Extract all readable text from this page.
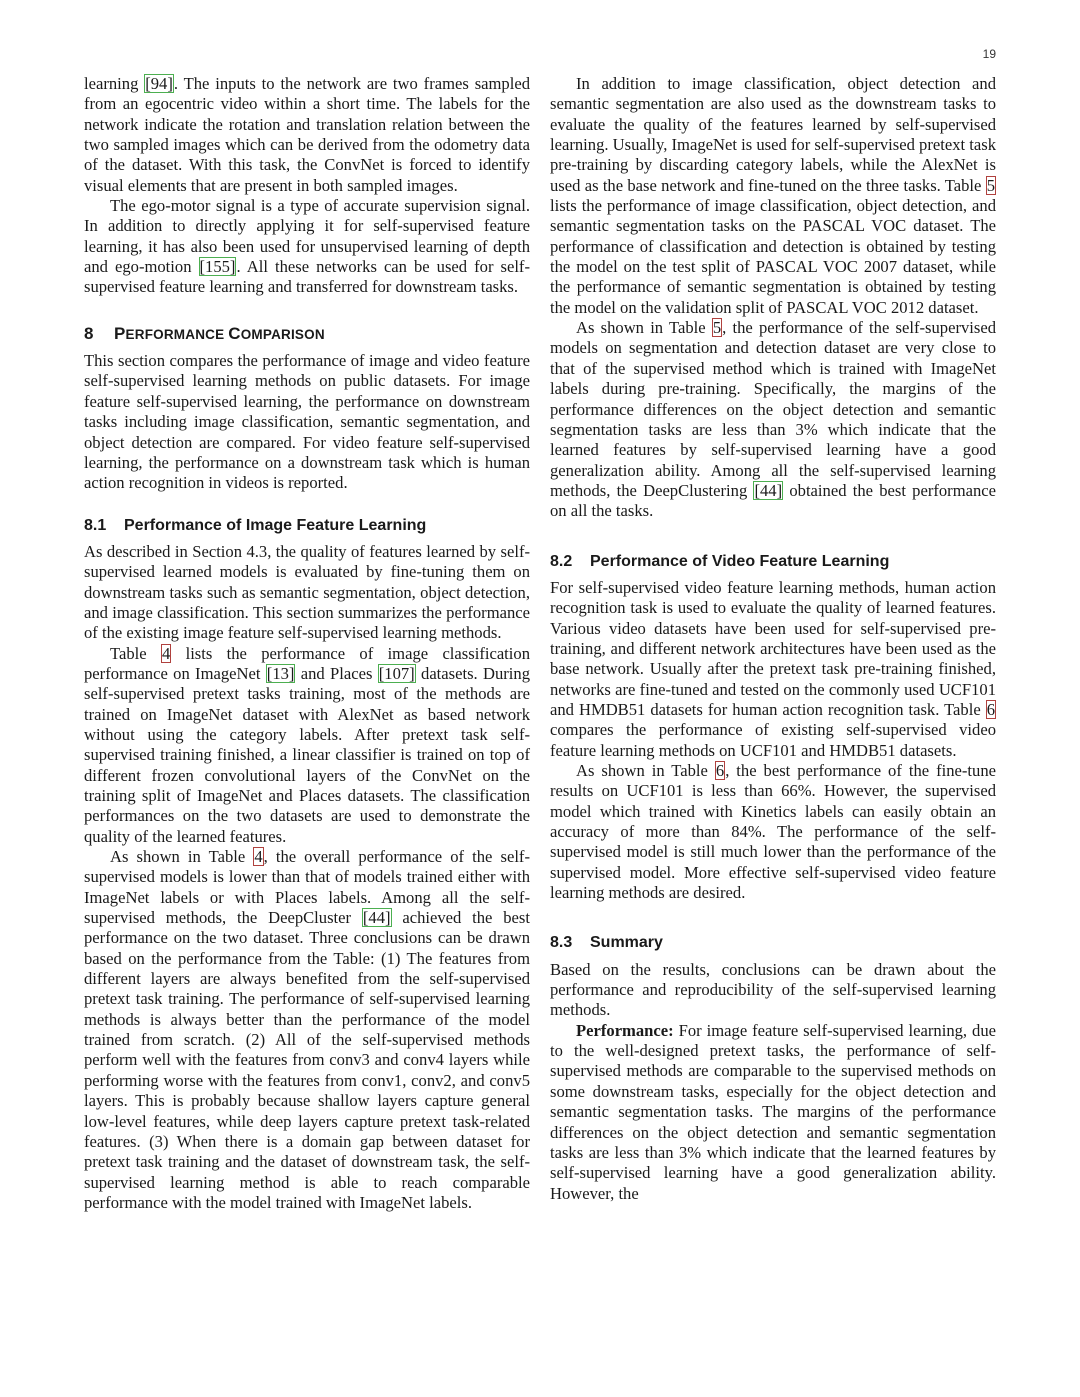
19

learning [94]. The inputs to the network are two frames sampled from an egocentric video within a short time. The labels for the network indicate the rotation and translation relation between the two sampled images which can be derived from the odometry data of the dataset. With this task, the ConvNet is forced to identify visual elements that are present in both sampled images.

The ego-motor signal is a type of accurate supervision signal. In addition to directly applying it for self-supervised feature learning, it has also been used for unsupervised learning of depth and ego-motion [155]. All these networks can be used for self-supervised feature learning and transferred for downstream tasks.

8 PERFORMANCE COMPARISON

This section compares the performance of image and video feature self-supervised learning methods on public datasets. For image feature self-supervised learning, the performance on downstream tasks including image classification, semantic segmentation, and object detection are compared. For video feature self-supervised learning, the performance on a downstream task which is human action recognition in videos is reported.

8.1 Performance of Image Feature Learning

As described in Section 4.3, the quality of features learned by self-supervised learned models is evaluated by fine-tuning them on downstream tasks such as semantic segmentation, object detection, and image classification. This section summarizes the performance of the existing image feature self-supervised learning methods.

Table 4 lists the performance of image classification performance on ImageNet [13] and Places [107] datasets. During self-supervised pretext tasks training, most of the methods are trained on ImageNet dataset with AlexNet as based network without using the category labels. After pretext task self-supervised training finished, a linear classifier is trained on top of different frozen convolutional layers of the ConvNet on the training split of ImageNet and Places datasets. The classification performances on the two datasets are used to demonstrate the quality of the learned features.

As shown in Table 4, the overall performance of the self-supervised models is lower than that of models trained either with ImageNet labels or with Places labels. Among all the self-supervised methods, the DeepCluster [44] achieved the best performance on the two dataset. Three conclusions can be drawn based on the performance from the Table: (1) The features from different layers are always benefited from the self-supervised pretext task training. The performance of self-supervised learning methods is always better than the performance of the model trained from scratch. (2) All of the self-supervised methods perform well with the features from conv3 and conv4 layers while performing worse with the features from conv1, conv2, and conv5 layers. This is probably because shallow layers capture general low-level features, while deep layers capture pretext task-related features. (3) When there is a domain gap between dataset for pretext task training and the dataset of downstream task, the self-supervised learning method is able to reach comparable performance with the model trained with ImageNet labels.

In addition to image classification, object detection and semantic segmentation are also used as the downstream tasks to evaluate the quality of the features learned by self-supervised learning. Usually, ImageNet is used for self-supervised pretext task pre-training by discarding category labels, while the AlexNet is used as the base network and fine-tuned on the three tasks. Table 5 lists the performance of image classification, object detection, and semantic segmentation tasks on the PASCAL VOC dataset. The performance of classification and detection is obtained by testing the model on the test split of PASCAL VOC 2007 dataset, while the performance of semantic segmentation is obtained by testing the model on the validation split of PASCAL VOC 2012 dataset.

As shown in Table 5, the performance of the self-supervised models on segmentation and detection dataset are very close to that of the supervised method which is trained with ImageNet labels during pre-training. Specifically, the margins of the performance differences on the object detection and semantic segmentation tasks are less than 3% which indicate that the learned features by self-supervised learning have a good generalization ability. Among all the self-supervised learning methods, the DeepClustering [44] obtained the best performance on all the tasks.

8.2 Performance of Video Feature Learning

For self-supervised video feature learning methods, human action recognition task is used to evaluate the quality of learned features. Various video datasets have been used for self-supervised pre-training, and different network architectures have been used as the base network. Usually after the pretext task pre-training finished, networks are fine-tuned and tested on the commonly used UCF101 and HMDB51 datasets for human action recognition task. Table 6 compares the performance of existing self-supervised video feature learning methods on UCF101 and HMDB51 datasets.

As shown in Table 6, the best performance of the fine-tune results on UCF101 is less than 66%. However, the supervised model which trained with Kinetics labels can easily obtain an accuracy of more than 84%. The performance of the self-supervised model is still much lower than the performance of the supervised model. More effective self-supervised video feature learning methods are desired.

8.3 Summary

Based on the results, conclusions can be drawn about the performance and reproducibility of the self-supervised learning methods.

Performance: For image feature self-supervised learning, due to the well-designed pretext tasks, the performance of self-supervised methods are comparable to the supervised methods on some downstream tasks, especially for the object detection and semantic segmentation tasks. The margins of the performance differences on the object detection and semantic segmentation tasks are less than 3% which indicate that the learned features by self-supervised learning have a good generalization ability. However, the
